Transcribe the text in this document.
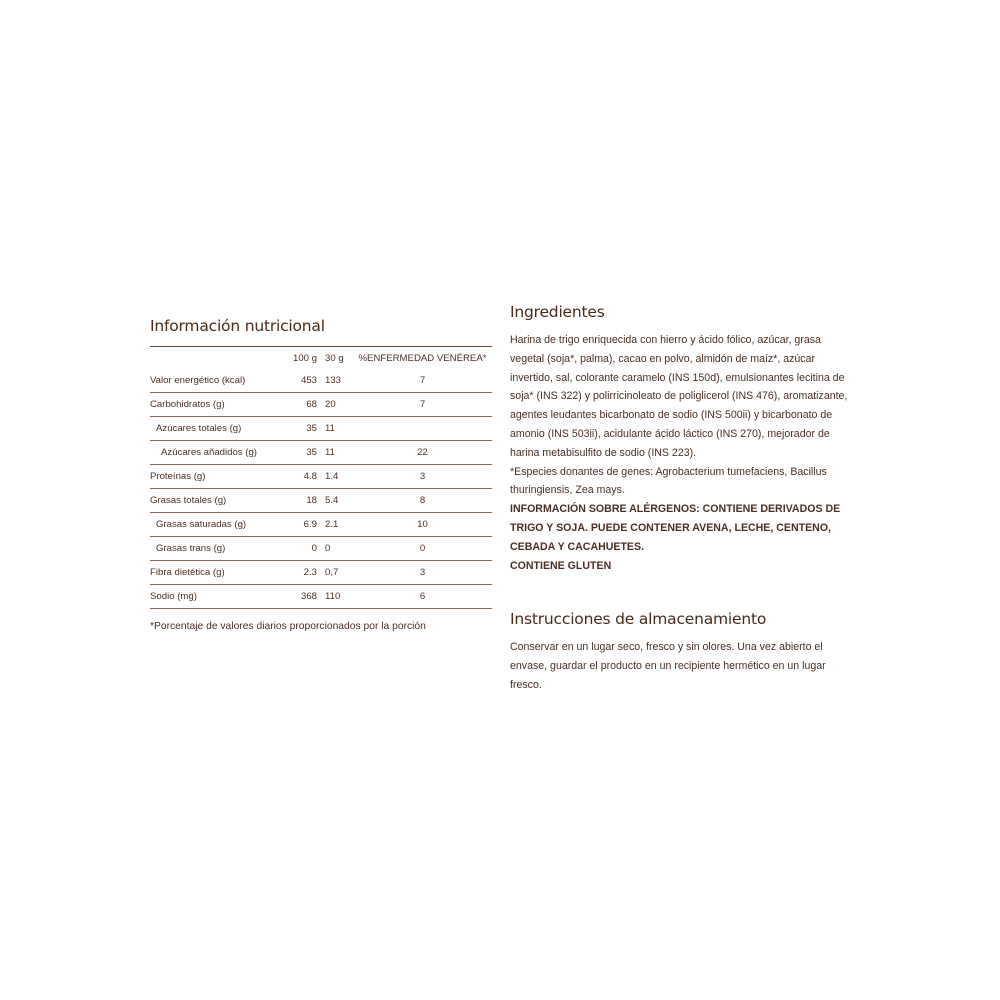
Información nutricional
	100 g	30 g	%ENFERMEDAD VENÉREA*
Valor energético (kcal)	453	133	7
Carbohidratos (g)	68	20	7
Azúcares totales (g)	35	11	
Azúcares añadidos (g)	35	11	22
Proteínas (g)	4.8	1.4	3
Grasas totales (g)	18	5.4	8
Grasas saturadas (g)	6.9	2.1	10
Grasas trans (g)	0	0	0
Fibra dietética (g)	2.3	0,7	3
Sodio (mg)	368	110	6
*Porcentaje de valores diarios proporcionados por la porción
Ingredientes

Harina de trigo enriquecida con hierro y ácido fólico, azúcar, grasa vegetal (soja*, palma), cacao en polvo, almidón de maíz*, azúcar invertido, sal, colorante caramelo (INS 150d), emulsionantes lecitina de soja* (INS 322) y polirricinoleato de poliglicerol (INS 476), aromatizante, agentes leudantes bicarbonato de sodio (INS 500ii) y bicarbonato de amonio (INS 503ii), acidulante ácido láctico (INS 270), mejorador de harina metabisulfito de sodio (INS 223).

*Especies donantes de genes: Agrobacterium tumefaciens, Bacillus thuringiensis, Zea mays.

INFORMACIÓN SOBRE ALÉRGENOS: CONTIENE DERIVADOS DE TRIGO Y SOJA. PUEDE CONTENER AVENA, LECHE, CENTENO, CEBADA Y CACAHUETES.

CONTIENE GLUTEN

Instrucciones de almacenamiento

Conservar en un lugar seco, fresco y sin olores. Una vez abierto el envase, guardar el producto en un recipiente hermético en un lugar fresco.
